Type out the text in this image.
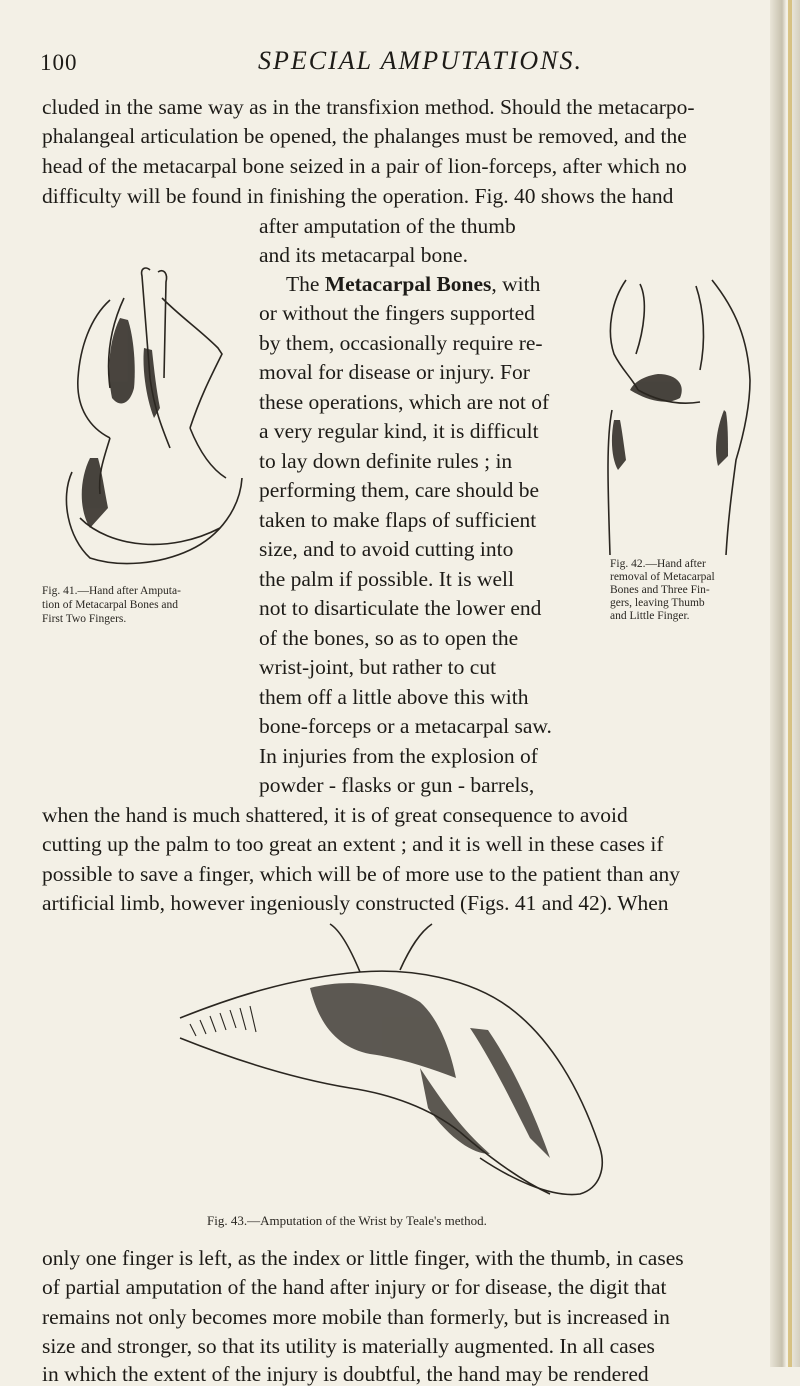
100	SPECIAL AMPUTATIONS.
cluded in the same way as in the transfixion method. Should the metacarpo-
phalangeal articulation be opened, the phalanges must be removed, and the
head of the metacarpal bone seized in a pair of lion-forceps, after which no
difficulty will be found in finishing the operation. Fig. 40 shows the hand
after amputation of the thumb
and its metacarpal bone.
The Metacarpal Bones, with
or without the fingers supported
by them, occasionally require re-
moval for disease or injury. For
these operations, which are not of
a very regular kind, it is difficult
to lay down definite rules ; in
performing them, care should be
taken to make flaps of sufficient
size, and to avoid cutting into
the palm if possible. It is well
not to disarticulate the lower end
of the bones, so as to open the
wrist-joint, but rather to cut
them off a little above this with
bone-forceps or a metacarpal saw.
In injuries from the explosion of
powder - flasks or gun - barrels,
when the hand is much shattered, it is of great consequence to avoid
cutting up the palm to too great an extent ; and it is well in these cases if
possible to save a finger, which will be of more use to the patient than any
artificial limb, however ingeniously constructed (Figs. 41 and 42). When
Fig. 41.—Hand after Amputa-
tion of Metacarpal Bones and
First Two Fingers.
Fig. 42.—Hand after
removal of Metacarpal
Bones and Three Fin-
gers, leaving Thumb
and Little Finger.
Fig. 43.—Amputation of the Wrist by Teale's method.
only one finger is left, as the index or little finger, with the thumb, in cases
of partial amputation of the hand after injury or for disease, the digit that
remains not only becomes more mobile than formerly, but is increased in
size and stronger, so that its utility is materially augmented. In all cases
in which the extent of the injury is doubtful, the hand may be rendered
